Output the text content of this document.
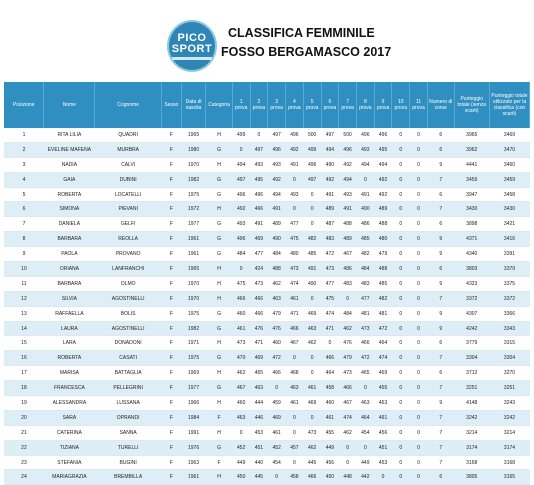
PICO
SPORT
CLASSIFICA FEMMINILE
FOSSO BERGAMASCO 2017
Posizione	Nome	Cognome	Sesso	Data di nascita	Categoria	1 prova	2 prova	3 prova	4 prova	5 prova	6 prova	7 prova	8 prova	9 prova	10 prova	11 prova	Numero di corse	Punteggio totale (senza scarti)	Punteggio totale utilizzato per la classifica (con scarti)
1	RITA LILIA	QUADRI	F	1965	H	499	0	497	496	500	497	500	496	496	0	0	6	3965	3469
2	EVELINE MAFENA	MURBRA	F	1980	G	0	497	496	492	499	494	496	493	495	0	0	6	3962	3470
3	NADIA	CALVI	F	1970	H	494	493	493	491	496	490	492	494	494	0	0	9	4441	3460
4	GAIA	DUBINI	F	1982	G	497	495	492	0	497	492	494	0	492	0	0	7	3459	3459
5	ROBERTA	LOCATELLI	F	1975	G	496	496	494	493	0	491	493	491	492	0	0	6	3947	3458
6	SIMONA	PIEVANI	F	1972	H	492	466	491	0	0	489	491	490	489	0	0	7	3430	3430
7	DANIELA	GELFI	F	1977	G	493	491	489	477	0	487	488	486	488	0	0	6	3898	3421
8	BARBARA	REOLLA	F	1961	G	496	469	490	475	482	483	489	485	480	0	0	9	4371	3416
9	PAOLA	PROVANO	F	1961	G	484	477	484	480	485	472	467	482	479	0	0	9	4340	3391
10	ORIANA	LANFRANCHI	F	1965	H	0	424	488	473	491	473	486	484	488	0	0	6	3803	3379
11	BARBARA	OLMO	F	1970	H	475	473	462	474	490	477	483	483	485	0	0	9	4323	3375
12	SILVIA	AGOSTINELLI	F	1970	H	466	466	463	461	0	475	0	477	482	0	0	7	3372	3372
13	RAFFAELLA	BOLIS	F	1975	G	460	466	479	471	469	474	484	481	481	0	0	9	4307	3366
14	LAURA	AGOSTINELLI	F	1982	G	461	476	476	466	463	471	462	473	472	0	0	9	4242	3343
15	LARA	DONADONI	F	1971	H	473	471	460	467	462	0	476	466	464	0	0	6	3779	3315
16	ROBERTA	CASATI	F	1975	G	470	469	472	0	0	466	479	472	474	0	0	7	3304	3304
17	MARISA	BATTAGLIA	F	1969	H	462	465	466	468	0	464	473	465	469	0	0	6	3712	3270
18	FRANCESCA	PELLEGRINI	F	1977	G	467	463	0	463	461	458	466	0	455	0	0	7	3251	3251
19	ALESSANDRA	LUSSANA	F	1966	H	460	444	459	461	469	460	467	463	463	0	0	9	4148	3243
20	SARA	OPRANDI	F	1984	F	463	446	469	0	0	461	474	464	461	0	0	7	3242	3242
21	CATERINA	SANNA	F	1991	H	0	453	461	0	473	455	462	454	456	0	0	7	3214	3214
22	TIZIANA	TURELLI	F	1976	G	452	451	452	457	462	449	0	0	451	0	0	7	3174	3174
23	STEFANIA	BUGINI	F	1963	F	449	440	454	0	445	456	0	449	453	0	0	7	3168	3168
24	MARIAGRAZIA	BREMBILLA	F	1961	H	450	445	0	458	466	450	448	442	0	0	0	6	3805	3165
